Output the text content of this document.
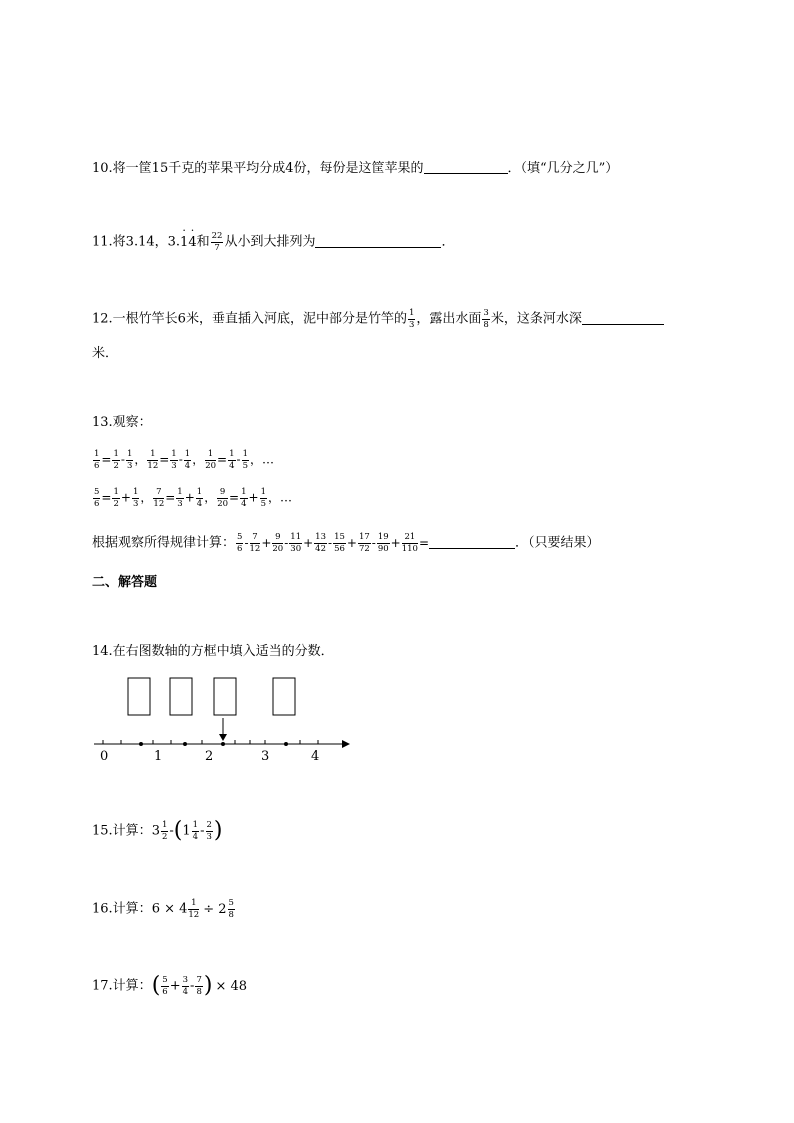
10.将一筐15千克的苹果平均分成4份，每份是这筐苹果的	．（填“几分之几”）
11.将3.14，3.· 1· 4和 $\frac{22}{7}$ 从小到大排列为	．
12.一根竹竿长6米，垂直插入河底，泥中部分是竹竿的 $\frac{1}{3}$ ，露出水面 $\frac{3}{8}$ 米，这条河水深
米．
13.观察：
$\frac{1}{6} = \frac{1}{2} - \frac{1}{3}$ ， $\frac{1}{12} = \frac{1}{3} - \frac{1}{4}$ ， $\frac{1}{20} = \frac{1}{4} - \frac{1}{5}$ ，…
$\frac{5}{6} = \frac{1}{2} + \frac{1}{3}$ ， $\frac{7}{12} = \frac{1}{3} + \frac{1}{4}$ ， $\frac{9}{20} = \frac{1}{4} + \frac{1}{5}$ ，…
根据观察所得规律计算： $\frac{5}{6} - \frac{7}{12} + \frac{9}{20} - \frac{11}{30} + \frac{13}{42} - \frac{15}{56} + \frac{17}{72} - \frac{19}{90} + \frac{21}{110}$ =	．（只要结果）
二、解答题
14.在右图数轴的方框中填入适当的分数．
0	1	2	3	4
15.计算：$3 \frac{1}{2} -(1 \frac{1}{4} - \frac{2}{3}$ )
16.计算：$6 \times 4 \frac{1}{12} \div 2 \frac{5}{8}$
17.计算：( $\frac{5}{6} + \frac{3}{4} - \frac{7}{8}$ ) × 48
